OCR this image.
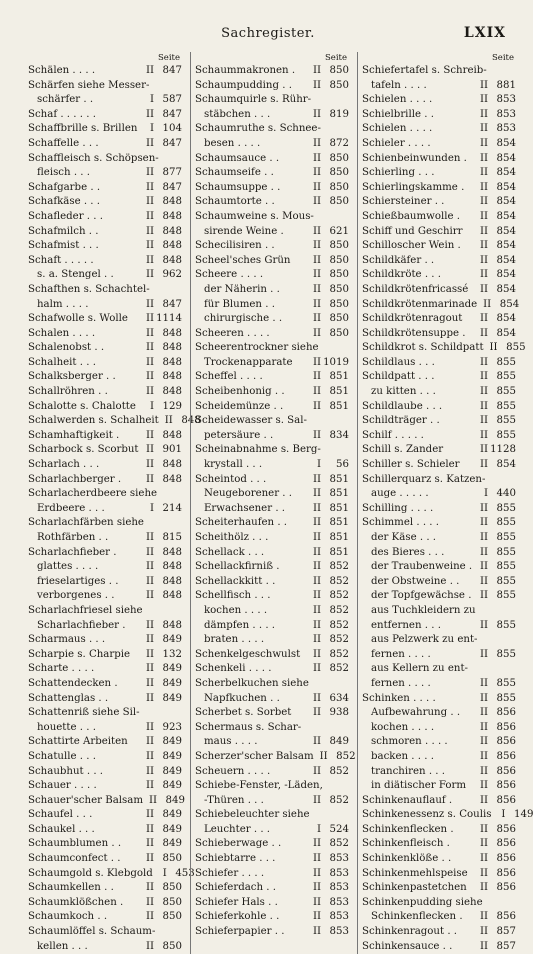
Sachregister.	LXIX
Seite
Schälen . . . .	II 847
Schärfen siehe Messer-
schärfer . .	I 587
Schaf . . . . . .	II 847
Schaffbrille s. Brillen	I 104
Schaffelle . . .	II 847
Schaffleisch s. Schöpsen-
fleisch . . .	II 877
Schafgarbe . .	II 847
Schafkäse . . .	II 848
Schafleder . . .	II 848
Schafmilch . .	II 848
Schafmist . . .	II 848
Schaft . . . . .	II 848
s. a. Stengel . .	II 962
Schafthen s. Schachtel-
halm . . . .	II 847
Schafwolle s. Wolle	II 1114
Schalen . . . .	II 848
Schalenobst . .	II 848
Schalheit . . .	II 848
Schalksberger . .	II 848
Schallröhren . .	II 848
Schalotte s. Chalotte	I 129
Schalwerden s. Schalheit II 848
Schamhaftigkeit .	II 848
Scharbock s. Scorbut II 901
Scharlach . . .	II 848
Scharlachberger .	II 848
Scharlacherdbeere siehe
Erdbeere . . .	I 214
Scharlachfärben siehe
Rothfärben . .	II 815
Scharlachfieber .	II 848
glattes . . . .	II 848
frieselartiges . .	II 848
verborgenes . .	II 848
Scharlachfriesel siehe
Scharlachfieber .	II 848
Scharmaus . . .	II 849
Scharpie s. Charpie	II 132
Scharte . . . .	II 849
Schattendecken .	II 849
Schattenglas . .	II 849
Schattenriß siehe Sil-
houette . . .	II 923
Schattirte Arbeiten	II 849
Schatulle . . .	II 849
Schaubhut . . .	II 849
Schauer . . . .	II 849
Schauer'scher Balsam II 849
Schaufel . . .	II 849
Schaukel . . .	II 849
Schaumblumen . .	II 849
Schaumconfect . .	II 850
Schaumgold s. Klebgold I 453
Schaumkellen . .	II 850
Schaumklößchen .	II 850
Schaumkoch . .	II 850
Schaumlöffel s. Schaum-
kellen . . .	II 850
Seite
Schaummakronen .	II 850
Schaumpudding . .	II 850
Schaumquirle s. Rühr-
stäbchen . . .	II 819
Schaumruthe s. Schnee-
besen . . . .	II 872
Schaumsauce . .	II 850
Schaumseife . .	II 850
Schaumsuppe . .	II 850
Schaumtorte . .	II 850
Schaumweine s. Mous-
sirende Weine .	II 621
Schecilisiren . .	II 850
Scheel'sches Grün	II 850
Scheere . . . .	II 850
der Näherin . .	II 850
für Blumen . .	II 850
chirurgische . .	II 850
Scheeren . . . .	II 850
Scheerentrockner siehe
Trockenapparate	II 1019
Scheffel . . . .	II 851
Scheibenhonig . .	II 851
Scheidemünze . .	II 851
Scheidewasser s. Sal-
petersäure . .	II 834
Scheinabnahme s. Berg-
krystall . . .	I	56
Scheintod . . .	II 851
Neugeborener . .	II 851
Erwachsener . .	II 851
Scheiterhaufen . .	II 851
Scheithölz . . .	II 851
Schellack . . .	II 851
Schellackfirniß .	II 852
Schellackkitt . .	II 852
Schellfisch . . .	II 852
kochen . . . .	II 852
dämpfen . . . .	II 852
braten . . . .	II 852
Schenkelgeschwulst	II 852
Schenkeli . . . .	II 852
Scherbelkuchen siehe
Napfkuchen . .	II 634
Scherbet s. Sorbet	II 938
Schermaus s. Schar-
maus . . . .	II 849
Scherzer'scher Balsam II 852
Scheuern . . . .	II 852
Schiebe-Fenster, -Läden,
-Thüren . . .	II 852
Schiebeleuchter siehe
Leuchter . . .	I 524
Schieberwage . .	II 852
Schiebtarre . . .	II 853
Schiefer . . . .	II 853
Schieferdach . .	II 853
Schiefer Hals . .	II 853
Schieferkohle . .	II 853
Schieferpapier . .	II 853
Seite
Schiefertafel s. Schreib-
tafeln . . . .	II 881
Schielen . . . .	II 853
Schielbrille . .	II 853
Schielen . . . .	II 853
Schieler . . . .	II 854
Schienbeinwunden .	II 854
Schierling . . .	II 854
Schierlingskamme .	II 854
Schiersteiner . .	II 854
Schießbaumwolle .	II 854
Schiff und Geschirr	II 854
Schilloscher Wein .	II 854
Schildkäfer . .	II 854
Schildkröte . . .	II 854
Schildkrötenfricassé	II 854
Schildkrötenmarinade II 854
Schildkrötenragout	II 854
Schildkrötensuppe .	II 854
Schildkrot s. Schildpatt II 855
Schildlaus . . .	II 855
Schildpatt . . .	II 855
zu kitten . . .	II 855
Schildlaube . . .	II 855
Schildträger . .	II 855
Schilf . . . . .	II 855
Schill s. Zander	II 1128
Schiller s. Schieler	II 854
Schillerquarz s. Katzen-
auge . . . . .	I 440
Schilling . . . .	II 855
Schimmel . . . .	II 855
der Käse . . .	II 855
des Bieres . . .	II 855
der Traubenweine . II 855
der Obstweine . .	II 855
der Topfgewächse . II 855
aus Tuchkleidern zu
entfernen . . .	II 855
aus Pelzwerk zu ent-
fernen . . . .	II 855
aus Kellern zu ent-
fernen . . . .	II 855
Schinken . . . .	II 855
Aufbewahrung . .	II 856
kochen . . . .	II 856
schmoren . . . .	II 856
backen . . . .	II 856
tranchiren . . .	II 856
in diätischer Form	II 856
Schinkenauflauf .	II 856
Schinkenessenz s. Coulis I 149
Schinkenflecken .	II 856
Schinkenfleisch .	II 856
Schinkenklöße . .	II 856
Schinkenmehlspeise	II 856
Schinkenpastetchen	II 856
Schinkenpudding siehe
Schinkenflecken .	II 856
Schinkenragout . .	II 857
Schinkensauce . .	II 857
